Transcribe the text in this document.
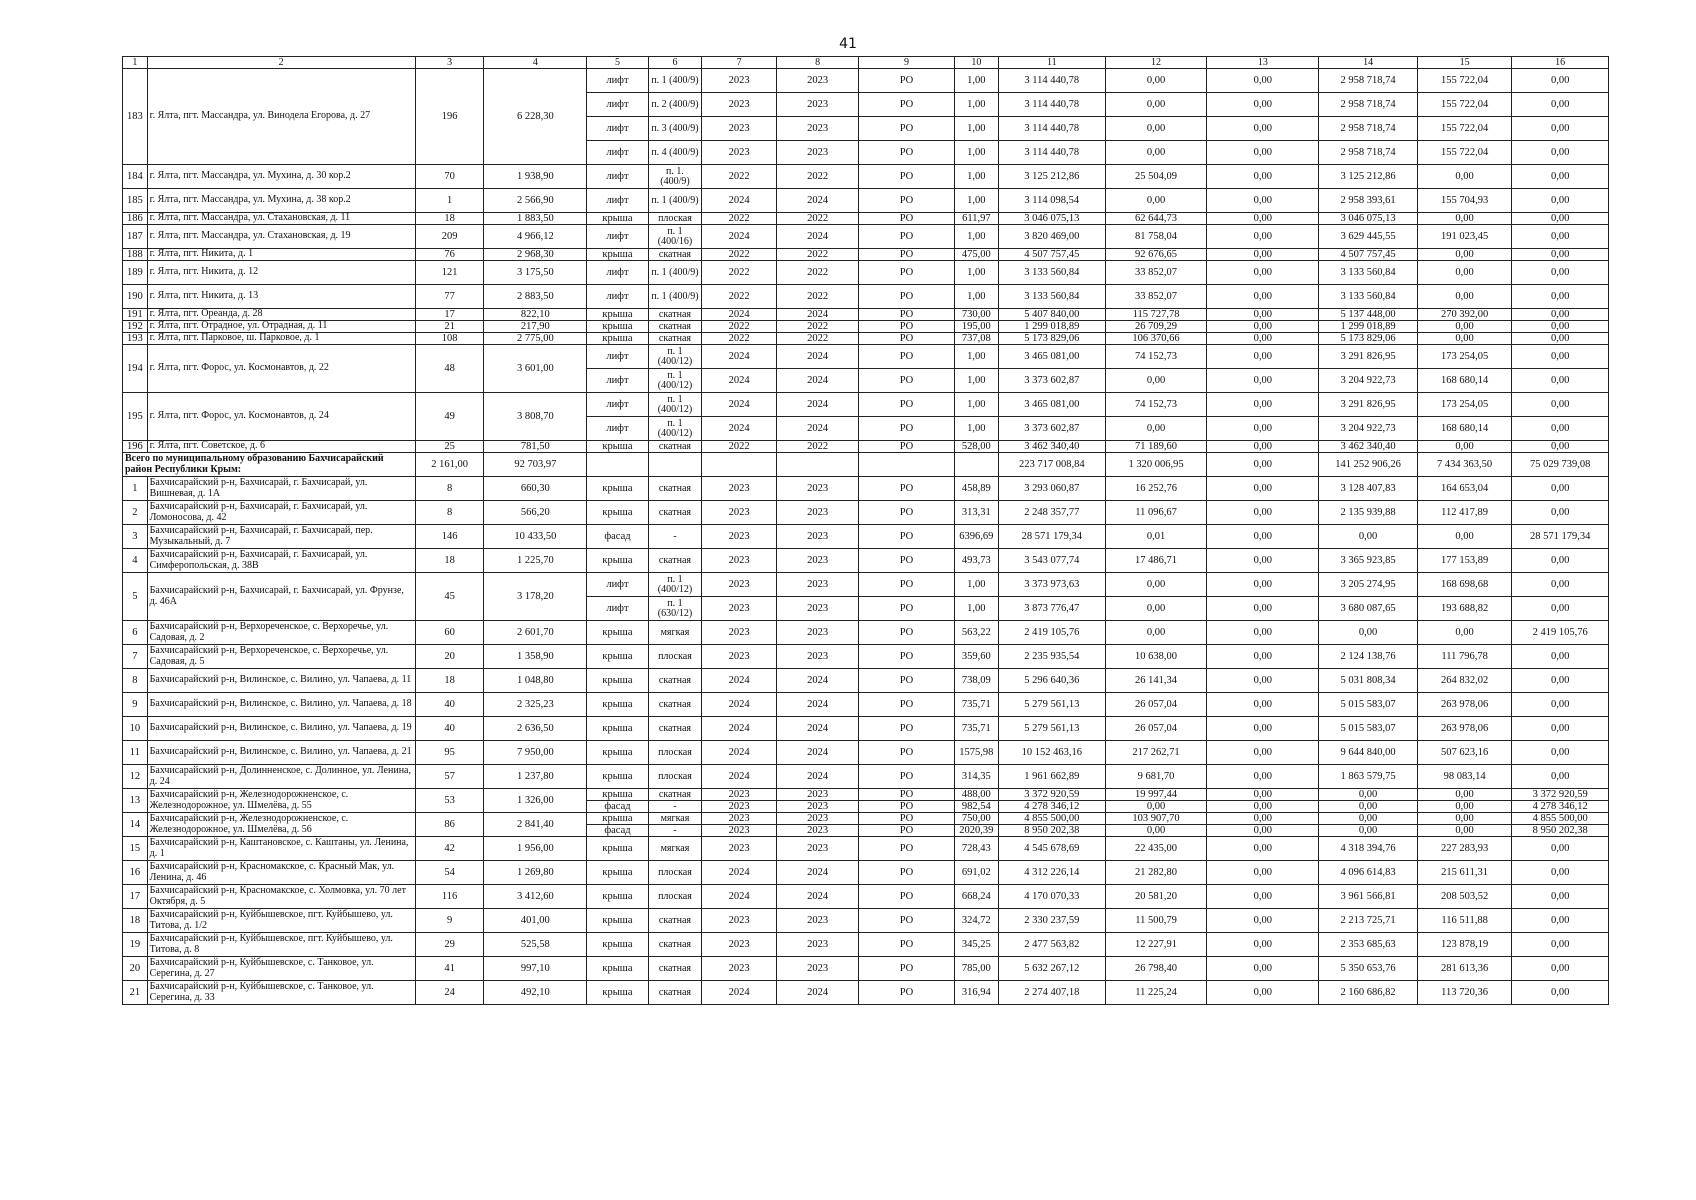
41
1	2	3	4	5	6	7	8	9	10	11	12	13	14	15	16
183	г. Ялта, пгт. Массандра, ул. Винодела Егорова, д. 27	196	6 228,30	лифт	п. 1 (400/9)	2023	2023	РО	1,00	3 114 440,78	0,00	0,00	2 958 718,74	155 722,04	0,00
				лифт	п. 2 (400/9)	2023	2023	РО	1,00	3 114 440,78	0,00	0,00	2 958 718,74	155 722,04	0,00
				лифт	п. 3 (400/9)	2023	2023	РО	1,00	3 114 440,78	0,00	0,00	2 958 718,74	155 722,04	0,00
				лифт	п. 4 (400/9)	2023	2023	РО	1,00	3 114 440,78	0,00	0,00	2 958 718,74	155 722,04	0,00
184	г. Ялта, пгт. Массандра, ул. Мухина, д. 30 кор.2	70	1 938,90	лифт	п. 1. (400/9)	2022	2022	РО	1,00	3 125 212,86	25 504,09	0,00	3 125 212,86	0,00	0,00
185	г. Ялта, пгт. Массандра, ул. Мухина, д. 38 кор.2	1	2 566,90	лифт	п. 1 (400/9)	2024	2024	РО	1,00	3 114 098,54	0,00	0,00	2 958 393,61	155 704,93	0,00
186	г. Ялта, пгт. Массандра, ул. Стахановская, д. 11	18	1 883,50	крыша	плоская	2022	2022	РО	611,97	3 046 075,13	62 644,73	0,00	3 046 075,13	0,00	0,00
187	г. Ялта, пгт. Массандра, ул. Стахановская, д. 19	209	4 966,12	лифт	п. 1 (400/16)	2024	2024	РО	1,00	3 820 469,00	81 758,04	0,00	3 629 445,55	191 023,45	0,00
188	г. Ялта, пгт. Никита, д. 1	76	2 968,30	крыша	скатная	2022	2022	РО	475,00	4 507 757,45	92 676,65	0,00	4 507 757,45	0,00	0,00
189	г. Ялта, пгт. Никита, д. 12	121	3 175,50	лифт	п. 1 (400/9)	2022	2022	РО	1,00	3 133 560,84	33 852,07	0,00	3 133 560,84	0,00	0,00
190	г. Ялта, пгт. Никита, д. 13	77	2 883,50	лифт	п. 1 (400/9)	2022	2022	РО	1,00	3 133 560,84	33 852,07	0,00	3 133 560,84	0,00	0,00
191	г. Ялта, пгт. Ореанда, д. 28	17	822,10	крыша	скатная	2024	2024	РО	730,00	5 407 840,00	115 727,78	0,00	5 137 448,00	270 392,00	0,00
192	г. Ялта, пгт. Отрадное, ул. Отрадная, д. 11	21	217,90	крыша	скатная	2022	2022	РО	195,00	1 299 018,89	26 709,29	0,00	1 299 018,89	0,00	0,00
193	г. Ялта, пгт. Парковое, ш. Парковое, д. 1	108	2 775,00	крыша	скатная	2022	2022	РО	737,08	5 173 829,06	106 370,66	0,00	5 173 829,06	0,00	0,00
194	г. Ялта, пгт. Форос, ул. Космонавтов, д. 22	48	3 601,00	лифт	п. 1 (400/12)	2024	2024	РО	1,00	3 465 081,00	74 152,73	0,00	3 291 826,95	173 254,05	0,00
				лифт	п. 1 (400/12)	2024	2024	РО	1,00	3 373 602,87	0,00	0,00	3 204 922,73	168 680,14	0,00
195	г. Ялта, пгт. Форос, ул. Космонавтов, д. 24	49	3 808,70	лифт	п. 1 (400/12)	2024	2024	РО	1,00	3 465 081,00	74 152,73	0,00	3 291 826,95	173 254,05	0,00
				лифт	п. 1 (400/12)	2024	2024	РО	1,00	3 373 602,87	0,00	0,00	3 204 922,73	168 680,14	0,00
196	г. Ялта, пгт. Советское, д. 6	25	781,50	крыша	скатная	2022	2022	РО	528,00	3 462 340,40	71 189,60	0,00	3 462 340,40	0,00	0,00
Всего по муниципальному образованию Бахчисарайский район Республики Крым:		2 161,00	92 703,97							223 717 008,84	1 320 006,95	0,00	141 252 906,26	7 434 363,50	75 029 739,08
1	Бахчисарайский р-н, Бахчисарай, г. Бахчисарай, ул. Вишневая, д. 1А	8	660,30	крыша	скатная	2023	2023	РО	458,89	3 293 060,87	16 252,76	0,00	3 128 407,83	164 653,04	0,00
2	Бахчисарайский р-н, Бахчисарай, г. Бахчисарай, ул. Ломоносова, д. 42	8	566,20	крыша	скатная	2023	2023	РО	313,31	2 248 357,77	11 096,67	0,00	2 135 939,88	112 417,89	0,00
3	Бахчисарайский р-н, Бахчисарай, г. Бахчисарай, пер. Музыкальный, д. 7	146	10 433,50	фасад	-	2023	2023	РО	6396,69	28 571 179,34	0,01	0,00	0,00	0,00	28 571 179,34
4	Бахчисарайский р-н, Бахчисарай, г. Бахчисарай, ул. Симферопольская, д. 38В	18	1 225,70	крыша	скатная	2023	2023	РО	493,73	3 543 077,74	17 486,71	0,00	3 365 923,85	177 153,89	0,00
5	Бахчисарайский р-н, Бахчисарай, г. Бахчисарай, ул. Фрунзе, д. 46А	45	3 178,20	лифт	п. 1 (400/12)	2023	2023	РО	1,00	3 373 973,63	0,00	0,00	3 205 274,95	168 698,68	0,00
				лифт	п. 1 (630/12)	2023	2023	РО	1,00	3 873 776,47	0,00	0,00	3 680 087,65	193 688,82	0,00
6	Бахчисарайский р-н, Верхореченское, с. Верхоречье, ул. Садовая, д. 2	60	2 601,70	крыша	мягкая	2023	2023	РО	563,22	2 419 105,76	0,00	0,00	0,00	0,00	2 419 105,76
7	Бахчисарайский р-н, Верхореченское, с. Верхоречье, ул. Садовая, д. 5	20	1 358,90	крыша	плоская	2023	2023	РО	359,60	2 235 935,54	10 638,00	0,00	2 124 138,76	111 796,78	0,00
8	Бахчисарайский р-н, Вилинское, с. Вилино, ул. Чапаева, д. 11	18	1 048,80	крыша	скатная	2024	2024	РО	738,09	5 296 640,36	26 141,34	0,00	5 031 808,34	264 832,02	0,00
9	Бахчисарайский р-н, Вилинское, с. Вилино, ул. Чапаева, д. 18	40	2 325,23	крыша	скатная	2024	2024	РО	735,71	5 279 561,13	26 057,04	0,00	5 015 583,07	263 978,06	0,00
10	Бахчисарайский р-н, Вилинское, с. Вилино, ул. Чапаева, д. 19	40	2 636,50	крыша	скатная	2024	2024	РО	735,71	5 279 561,13	26 057,04	0,00	5 015 583,07	263 978,06	0,00
11	Бахчисарайский р-н, Вилинское, с. Вилино, ул. Чапаева, д. 21	95	7 950,00	крыша	плоская	2024	2024	РО	1575,98	10 152 463,16	217 262,71	0,00	9 644 840,00	507 623,16	0,00
12	Бахчисарайский р-н, Долинненское, с. Долинное, ул. Ленина, д. 24	57	1 237,80	крыша	плоская	2024	2024	РО	314,35	1 961 662,89	9 681,70	0,00	1 863 579,75	98 083,14	0,00
13	Бахчисарайский р-н, Железнодорожненское, с. Железнодорожное, ул. Шмелёва, д. 55	53	1 326,00	крыша	скатная	2023	2023	РО	488,00	3 372 920,59	19 997,44	0,00	0,00	0,00	3 372 920,59
				фасад	-	2023	2023	РО	982,54	4 278 346,12	0,00	0,00	0,00	0,00	4 278 346,12
14	Бахчисарайский р-н, Железнодорожненское, с. Железнодорожное, ул. Шмелёва, д. 56	86	2 841,40	крыша	мягкая	2023	2023	РО	750,00	4 855 500,00	103 907,70	0,00	0,00	0,00	4 855 500,00
				фасад	-	2023	2023	РО	2020,39	8 950 202,38	0,00	0,00	0,00	0,00	8 950 202,38
15	Бахчисарайский р-н, Каштановское, с. Каштаны, ул. Ленина, д. 1	42	1 956,00	крыша	мягкая	2023	2023	РО	728,43	4 545 678,69	22 435,00	0,00	4 318 394,76	227 283,93	0,00
16	Бахчисарайский р-н, Красномакское, с. Красный Мак, ул. Ленина, д. 46	54	1 269,80	крыша	плоская	2024	2024	РО	691,02	4 312 226,14	21 282,80	0,00	4 096 614,83	215 611,31	0,00
17	Бахчисарайский р-н, Красномакское, с. Холмовка, ул. 70 лет Октября, д. 5	116	3 412,60	крыша	плоская	2024	2024	РО	668,24	4 170 070,33	20 581,20	0,00	3 961 566,81	208 503,52	0,00
18	Бахчисарайский р-н, Куйбышевское, пгт. Куйбышево, ул. Титова, д. 1/2	9	401,00	крыша	скатная	2023	2023	РО	324,72	2 330 237,59	11 500,79	0,00	2 213 725,71	116 511,88	0,00
19	Бахчисарайский р-н, Куйбышевское, пгт. Куйбышево, ул. Титова, д. 8	29	525,58	крыша	скатная	2023	2023	РО	345,25	2 477 563,82	12 227,91	0,00	2 353 685,63	123 878,19	0,00
20	Бахчисарайский р-н, Куйбышевское, с. Танковое, ул. Серегина, д. 27	41	997,10	крыша	скатная	2023	2023	РО	785,00	5 632 267,12	26 798,40	0,00	5 350 653,76	281 613,36	0,00
21	Бахчисарайский р-н, Куйбышевское, с. Танковое, ул. Серегина, д. 33	24	492,10	крыша	скатная	2024	2024	РО	316,94	2 274 407,18	11 225,24	0,00	2 160 686,82	113 720,36	0,00
